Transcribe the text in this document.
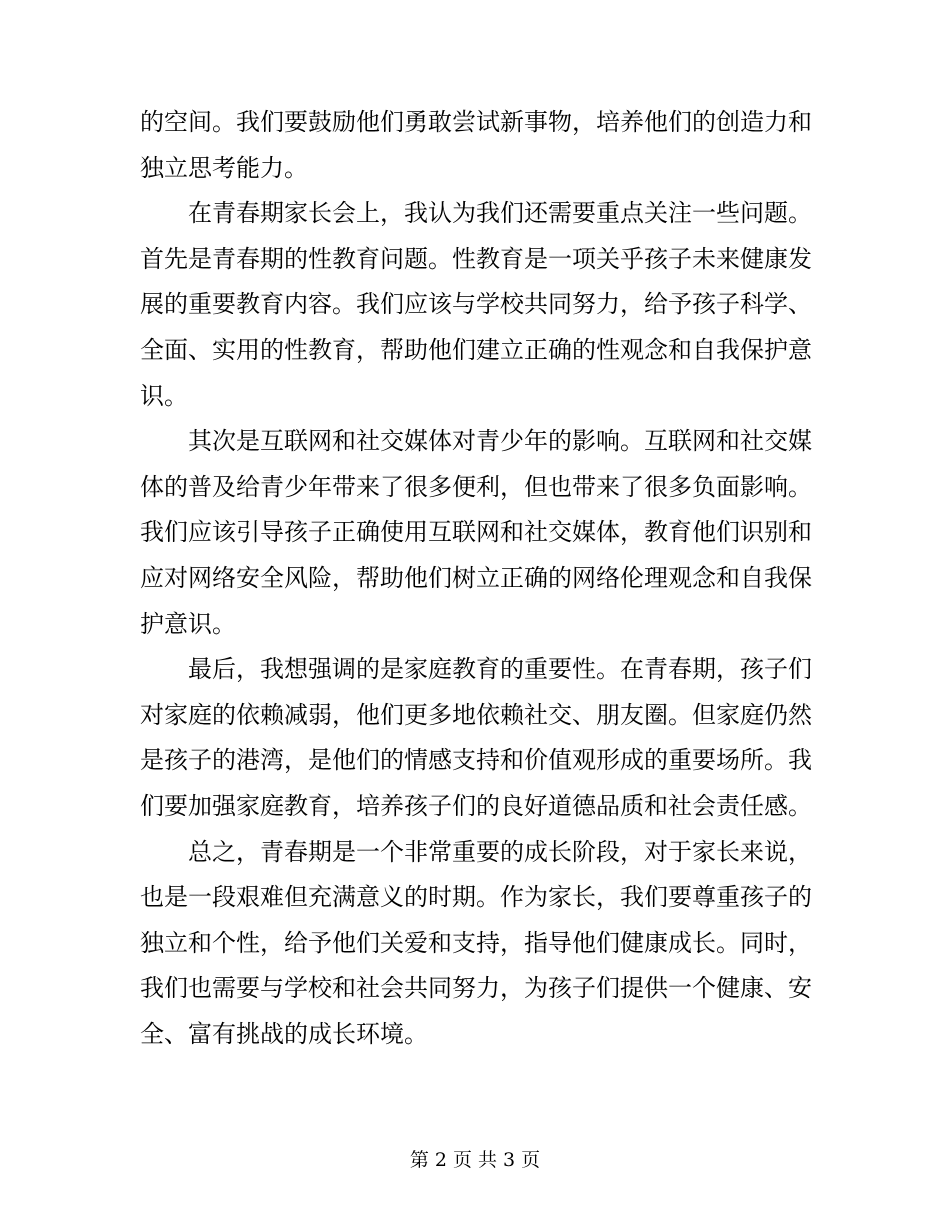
的空间。我们要鼓励他们勇敢尝试新事物，培养他们的创造力和独立思考能力。

在青春期家长会上，我认为我们还需要重点关注一些问题。首先是青春期的性教育问题。性教育是一项关乎孩子未来健康发展的重要教育内容。我们应该与学校共同努力，给予孩子科学、全面、实用的性教育，帮助他们建立正确的性观念和自我保护意识。

其次是互联网和社交媒体对青少年的影响。互联网和社交媒体的普及给青少年带来了很多便利，但也带来了很多负面影响。我们应该引导孩子正确使用互联网和社交媒体，教育他们识别和应对网络安全风险，帮助他们树立正确的网络伦理观念和自我保护意识。

最后，我想强调的是家庭教育的重要性。在青春期，孩子们对家庭的依赖减弱，他们更多地依赖社交、朋友圈。但家庭仍然是孩子的港湾，是他们的情感支持和价值观形成的重要场所。我们要加强家庭教育，培养孩子们的良好道德品质和社会责任感。

总之，青春期是一个非常重要的成长阶段，对于家长来说，也是一段艰难但充满意义的时期。作为家长，我们要尊重孩子的独立和个性，给予他们关爱和支持，指导他们健康成长。同时，我们也需要与学校和社会共同努力，为孩子们提供一个健康、安全、富有挑战的成长环境。

第 2 页 共 3 页
